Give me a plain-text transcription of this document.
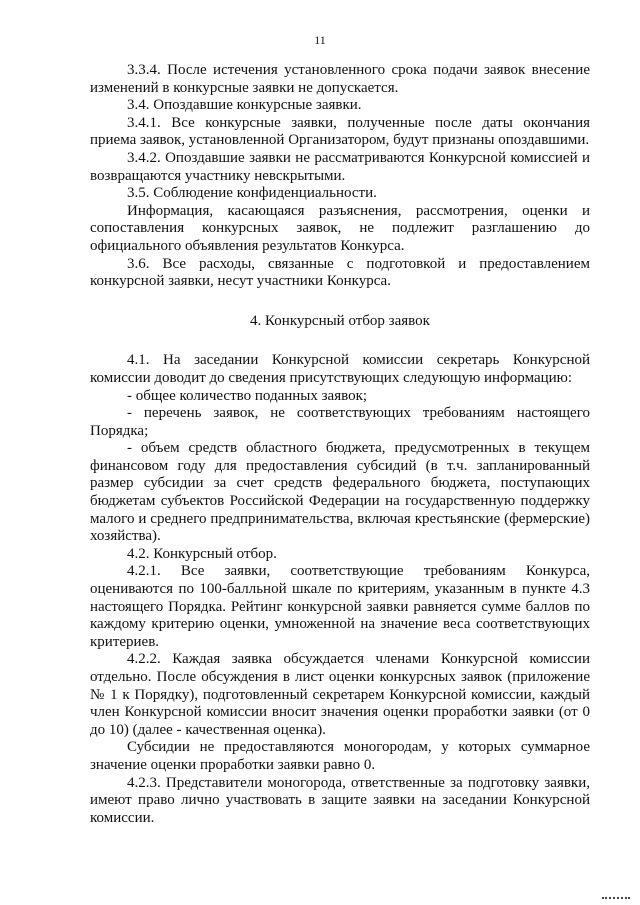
11

3.3.4. После истечения установленного срока подачи заявок внесение изменений в конкурсные заявки не допускается.

3.4. Опоздавшие конкурсные заявки.

3.4.1. Все конкурсные заявки, полученные после даты окончания приема заявок, установленной Организатором, будут признаны опоздавшими.

3.4.2. Опоздавшие заявки не рассматриваются Конкурсной комиссией и возвращаются участнику невскрытыми.

3.5. Соблюдение конфиденциальности.

Информация, касающаяся разъяснения, рассмотрения, оценки и сопоставления конкурсных заявок, не подлежит разглашению до официального объявления результатов Конкурса.

3.6. Все расходы, связанные с подготовкой и предоставлением конкурсной заявки, несут участники Конкурса.

4. Конкурсный отбор заявок

4.1. На заседании Конкурсной комиссии секретарь Конкурсной комиссии доводит до сведения присутствующих следующую информацию:

- общее количество поданных заявок;

- перечень заявок, не соответствующих требованиям настоящего Порядка;

- объем средств областного бюджета, предусмотренных в текущем финансовом году для предоставления субсидий (в т.ч. запланированный размер субсидии за счет средств федерального бюджета, поступающих бюджетам субъектов Российской Федерации на государственную поддержку малого и среднего предпринимательства, включая крестьянские (фермерские) хозяйства).

4.2. Конкурсный отбор.

4.2.1. Все заявки, соответствующие требованиям Конкурса, оцениваются по 100-балльной шкале по критериям, указанным в пункте 4.3 настоящего Порядка. Рейтинг конкурсной заявки равняется сумме баллов по каждому критерию оценки, умноженной на значение веса соответствующих критериев.

4.2.2. Каждая заявка обсуждается членами Конкурсной комиссии отдельно. После обсуждения в лист оценки конкурсных заявок (приложение № 1 к Порядку), подготовленный секретарем Конкурсной комиссии, каждый член Конкурсной комиссии вносит значения оценки проработки заявки (от 0 до 10) (далее - качественная оценка).

Субсидии не предоставляются моногородам, у которых суммарное значение оценки проработки заявки равно 0.

4.2.3. Представители моногорода, ответственные за подготовку заявки, имеют право лично участвовать в защите заявки на заседании Конкурсной комиссии.
